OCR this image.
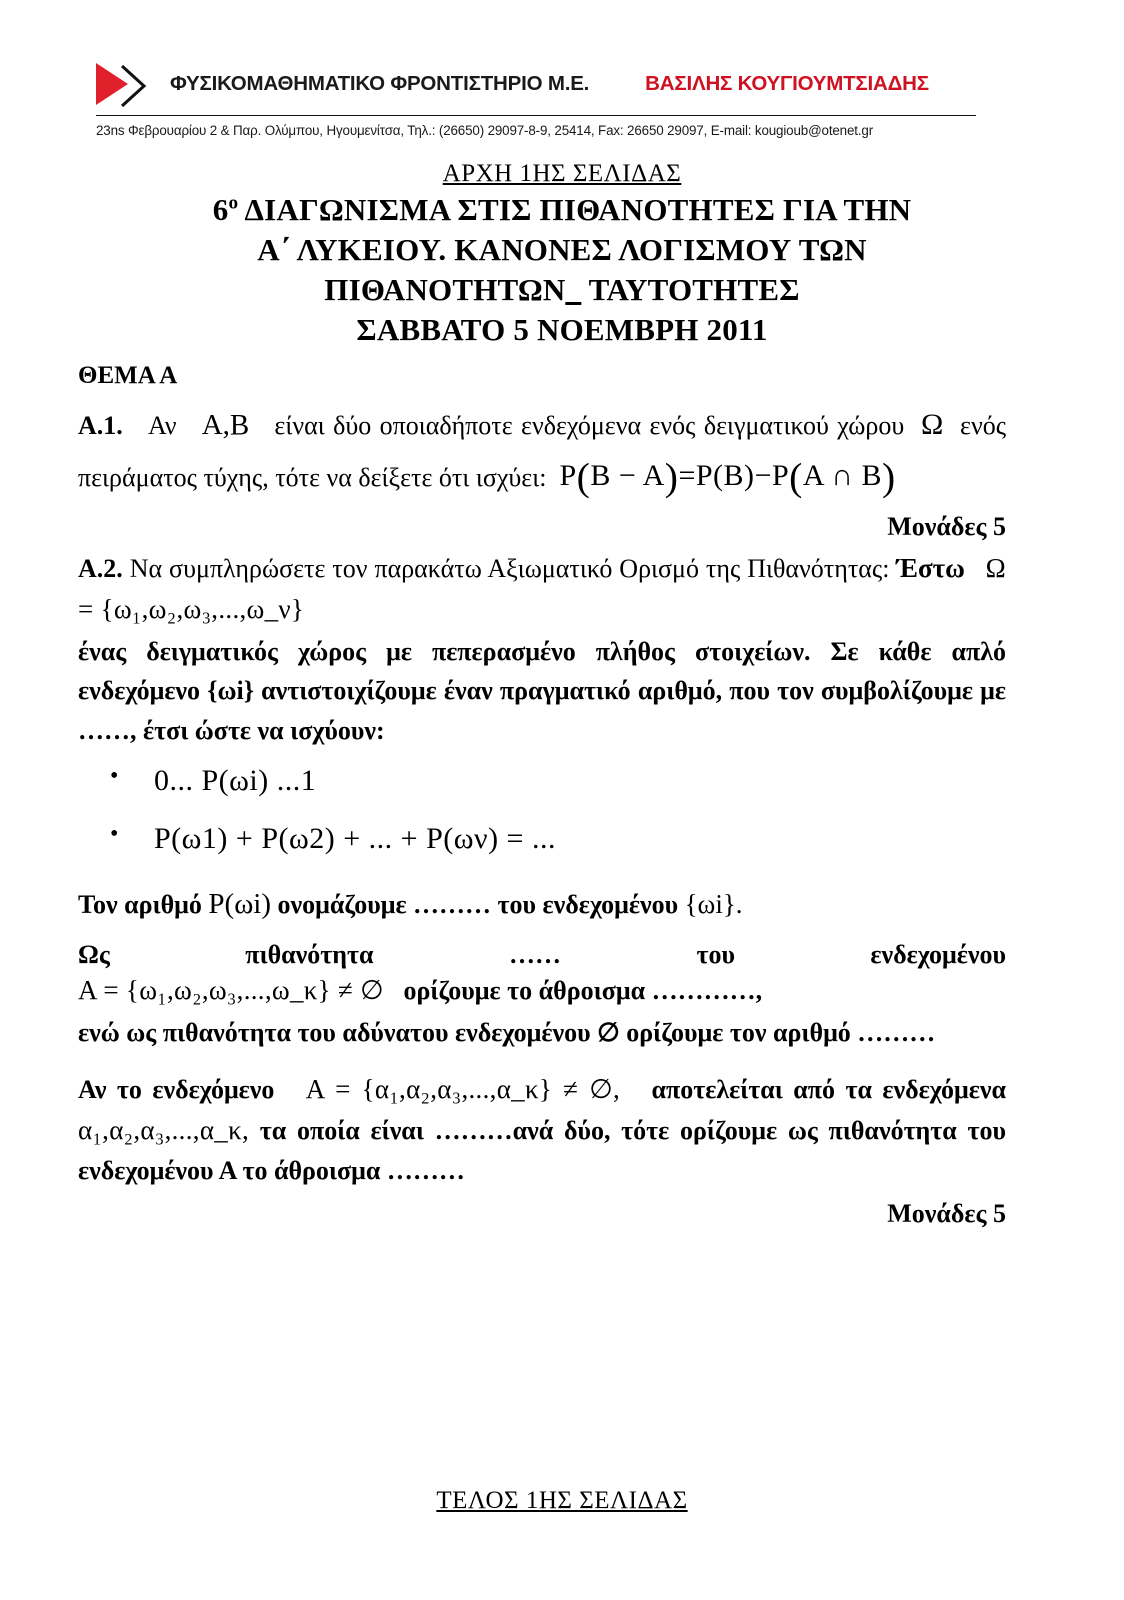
ΦΥΣΙΚΟΜΑΘΗΜΑΤΙΚΟ ΦΡΟΝΤΙΣΤΗΡΙΟ Μ.Ε.	ΒΑΣΙΛΗΣ ΚΟΥΓΙΟΥΜΤΣΙΑΔΗΣ
23ns Φεβρουαρίου 2 & Παρ. Ολύμπου, Ηγουμενίτσα, Τηλ.: (26650) 29097-8-9, 25414, Fax: 26650 29097, E-mail: kougioub@otenet.gr
ΑΡΧΗ 1ΗΣ ΣΕΛΙΔΑΣ
$6^o$ ΔΙΑΓΩΝΙΣΜΑ ΣΤΙΣ ΠΙΘΑΝΟΤΗΤΕΣ ΓΙΑ ΤΗΝ
Α΄ ΛΥΚΕΙΟΥ. ΚΑΝΟΝΕΣ ΛΟΓΙΣΜΟΥ ΤΩΝ
ΠΙΘΑΝΟΤΗΤΩΝ_ ΤΑΥΤΟΤΗΤΕΣ
ΣΑΒΒΑΤΟ 5 ΝΟΕΜΒΡΗ 2011
ΘΕΜΑ Α

Α.1. Αν Α,Β είναι δύο οποιαδήποτε ενδεχόμενα ενός δειγματικού χώρου Ω ενός πειράματος τύχης, τότε να δείξετε ότι ισχύει: P(B − A)=P(B)−P(A ∩ B)

Μονάδες 5

Α.2. Να συμπληρώσετε τον παρακάτω Αξιωματικό Ορισμό της Πιθανότητας: Έστω Ω = {ω₁,ω₂,ω₃,...,ω_ν}

ένας δειγματικός χώρος με πεπερασμένο πλήθος στοιχείων. Σε κάθε απλό ενδεχόμενο {ωi} αντιστοιχίζουμε έναν πραγματικό αριθμό, που τον συμβολίζουμε με ……, έτσι ώστε να ισχύουν:

• 0... P(ωi) ...1
• P(ω1) + P(ω2) + ... + P(ων) = ...

Τον αριθμό P(ωi) ονομάζουμε ……… του ενδεχομένου {ωi}.

Ως	πιθανότητα	……	του	ενδεχομένου

Α = {ω₁,ω₂,ω₃,...,ω_κ} ≠ ∅ ορίζουμε το άθροισμα …………,

ενώ ως πιθανότητα του αδύνατου ενδεχομένου ∅ ορίζουμε τον αριθμό ………

Αν το ενδεχόμενο Α = {α₁,α₂,α₃,...,α_κ} ≠ ∅, αποτελείται από τα ενδεχόμενα α₁,α₂,α₃,...,α_κ, τα οποία είναι ………ανά δύο, τότε ορίζουμε ως πιθανότητα του ενδεχομένου Α το άθροισμα ………

Μονάδες 5
ΤΕΛΟΣ 1ΗΣ ΣΕΛΙΔΑΣ
